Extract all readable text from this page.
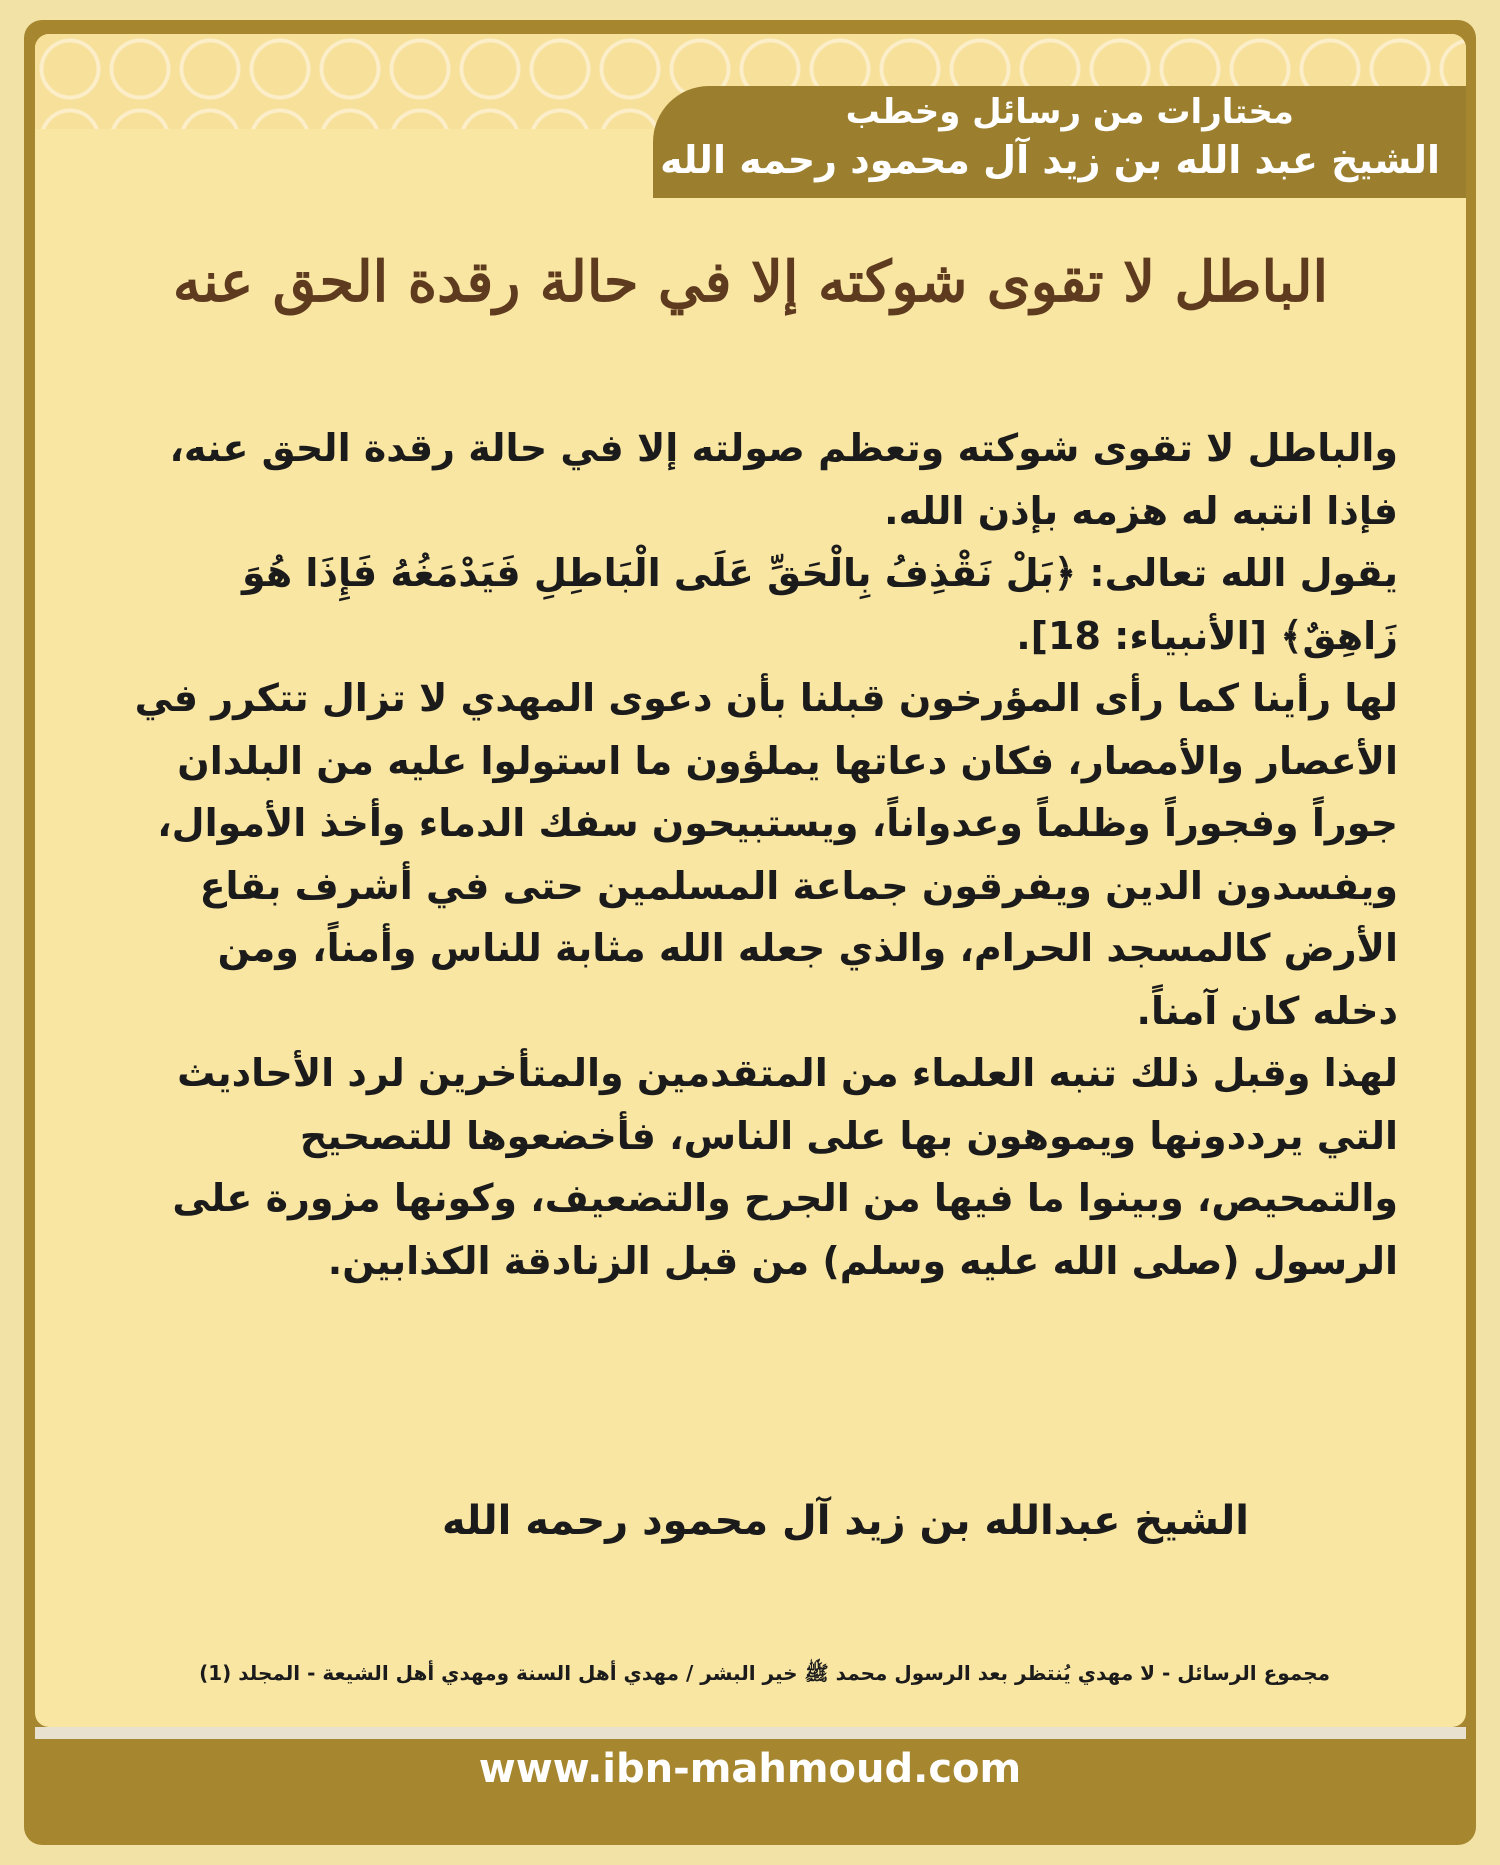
مختارات من رسائل وخطب
الشيخ عبد الله بن زيد آل محمود رحمه الله
الباطل لا تقوى شوكته إلا في حالة رقدة الحق عنه

والباطل لا تقوى شوكته وتعظم صولته إلا في حالة رقدة الحق عنه، فإذا انتبه له هزمه بإذن الله.

يقول الله تعالى: ﴿بَلْ نَقْذِفُ بِالْحَقِّ عَلَى الْبَاطِلِ فَيَدْمَغُهُ فَإِذَا هُوَ زَاهِقٌ﴾ [الأنبياء: 18].

لها رأينا كما رأى المؤرخون قبلنا بأن دعوى المهدي لا تزال تتكرر في الأعصار والأمصار، فكان دعاتها يملؤون ما استولوا عليه من البلدان جوراً وفجوراً وظلماً وعدواناً، ويستبيحون سفك الدماء وأخذ الأموال، ويفسدون الدين ويفرقون جماعة المسلمين حتى في أشرف بقاع الأرض كالمسجد الحرام، والذي جعله الله مثابة للناس وأمناً، ومن دخله كان آمناً.

لهذا وقبل ذلك تنبه العلماء من المتقدمين والمتأخرين لرد الأحاديث التي يرددونها ويموهون بها على الناس، فأخضعوها للتصحيح والتمحيص، وبينوا ما فيها من الجرح والتضعيف، وكونها مزورة على الرسول (صلى الله عليه وسلم) من قبل الزنادقة الكذابين.

الشيخ عبدالله بن زيد آل محمود رحمه الله
مجموع الرسائل - لا مهدي يُنتظر بعد الرسول محمد ﷺ خير البشر / مهدي أهل السنة ومهدي أهل الشيعة - المجلد (1)
www.ibn-mahmoud.com
